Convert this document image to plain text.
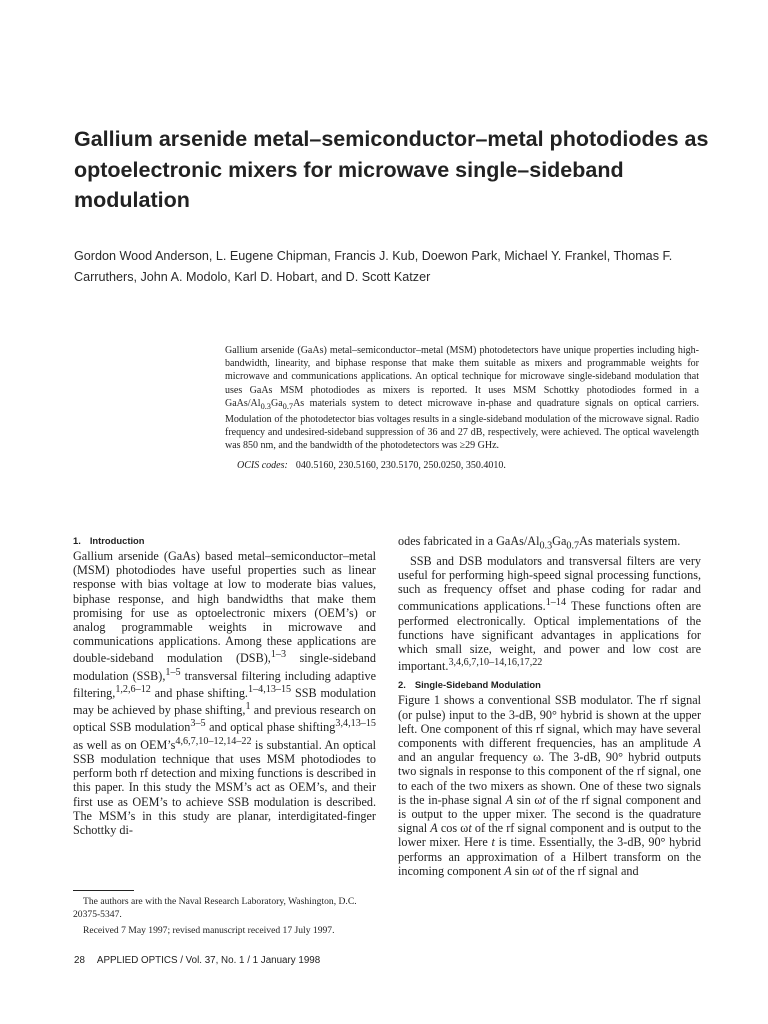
Gallium arsenide metal–semiconductor–metal photodiodes as optoelectronic mixers for microwave single–sideband modulation
Gordon Wood Anderson, L. Eugene Chipman, Francis J. Kub, Doewon Park, Michael Y. Frankel, Thomas F. Carruthers, John A. Modolo, Karl D. Hobart, and D. Scott Katzer
Gallium arsenide (GaAs) metal–semiconductor–metal (MSM) photodetectors have unique properties including high-bandwidth, linearity, and biphase response that make them suitable as mixers and programmable weights for microwave and communications applications. An optical technique for microwave single-sideband modulation that uses GaAs MSM photodiodes as mixers is reported. It uses MSM Schottky photodiodes formed in a GaAs/$Al_{0.3}Ga_{0.7}As$ materials system to detect microwave in-phase and quadrature signals on optical carriers. Modulation of the photodetector bias voltages results in a single-sideband modulation of the microwave signal. Radio frequency and undesired-sideband suppression of 36 and 27 dB, respectively, were achieved. The optical wavelength was 850 nm, and the bandwidth of the photodetectors was ≥29 GHz.
OCIS codes: 040.5160, 230.5160, 230.5170, 250.0250, 350.4010.
1. Introduction

Gallium arsenide (GaAs) based metal–semiconductor–metal (MSM) photodiodes have useful properties such as linear response with bias voltage at low to moderate bias values, biphase response, and high bandwidths that make them promising for use as optoelectronic mixers (OEM’s) or analog programmable weights in microwave and communications applications. Among these applications are double-sideband modulation (DSB),$^{1-3}$ single-sideband modulation (SSB),$^{1-5}$ transversal filtering including adaptive filtering,$^{1,2,6-12}$ and phase shifting.$^{1-4,13-15}$ SSB modulation may be achieved by phase shifting,$^1$ and previous research on optical SSB modulation$^{3-5}$ and optical phase shifting$^{3,4,13-15}$ as well as on $OEM’s^{4,6,7,10-12,14-22}$ is substantial. An optical SSB modulation technique that uses MSM photodiodes to perform both rf detection and mixing functions is described in this paper. In this study the MSM’s act as OEM’s, and their first use as OEM’s to achieve SSB modulation is described. The MSM’s in this study are planar, interdigitated-finger Schottky di-

odes fabricated in a GaAs/$Al_{0.3}Ga_{0.7}As$ materials system.

SSB and DSB modulators and transversal filters are very useful for performing high-speed signal processing functions, such as frequency offset and phase coding for radar and communications applications.$^{1-14}$ These functions often are performed electronically. Optical implementations of the functions have significant advantages in applications for which small size, weight, and power and low cost are important.$^{3,4,6,7,10-14,16,17,22}$

2. Single-Sideband Modulation

Figure 1 shows a conventional SSB modulator. The rf signal (or pulse) input to the 3-dB, 90° hybrid is shown at the upper left. One component of this rf signal, which may have several components with different frequencies, has an amplitude A and an angular frequency ω. The 3-dB, 90° hybrid outputs two signals in response to this component of the rf signal, one to each of the two mixers as shown. One of these two signals is the in-phase signal A sin ωt of the rf signal component and is output to the upper mixer. The second is the quadrature signal A cos ωt of the rf signal component and is output to the lower mixer. Here t is time. Essentially, the 3-dB, 90° hybrid performs an approximation of a Hilbert transform on the incoming component A sin ωt of the rf signal and

The authors are with the Naval Research Laboratory, Washington, D.C. 20375-5347.

Received 7 May 1997; revised manuscript received 17 July 1997.

28 APPLIED OPTICS / Vol. 37, No. 1 / 1 January 1998
